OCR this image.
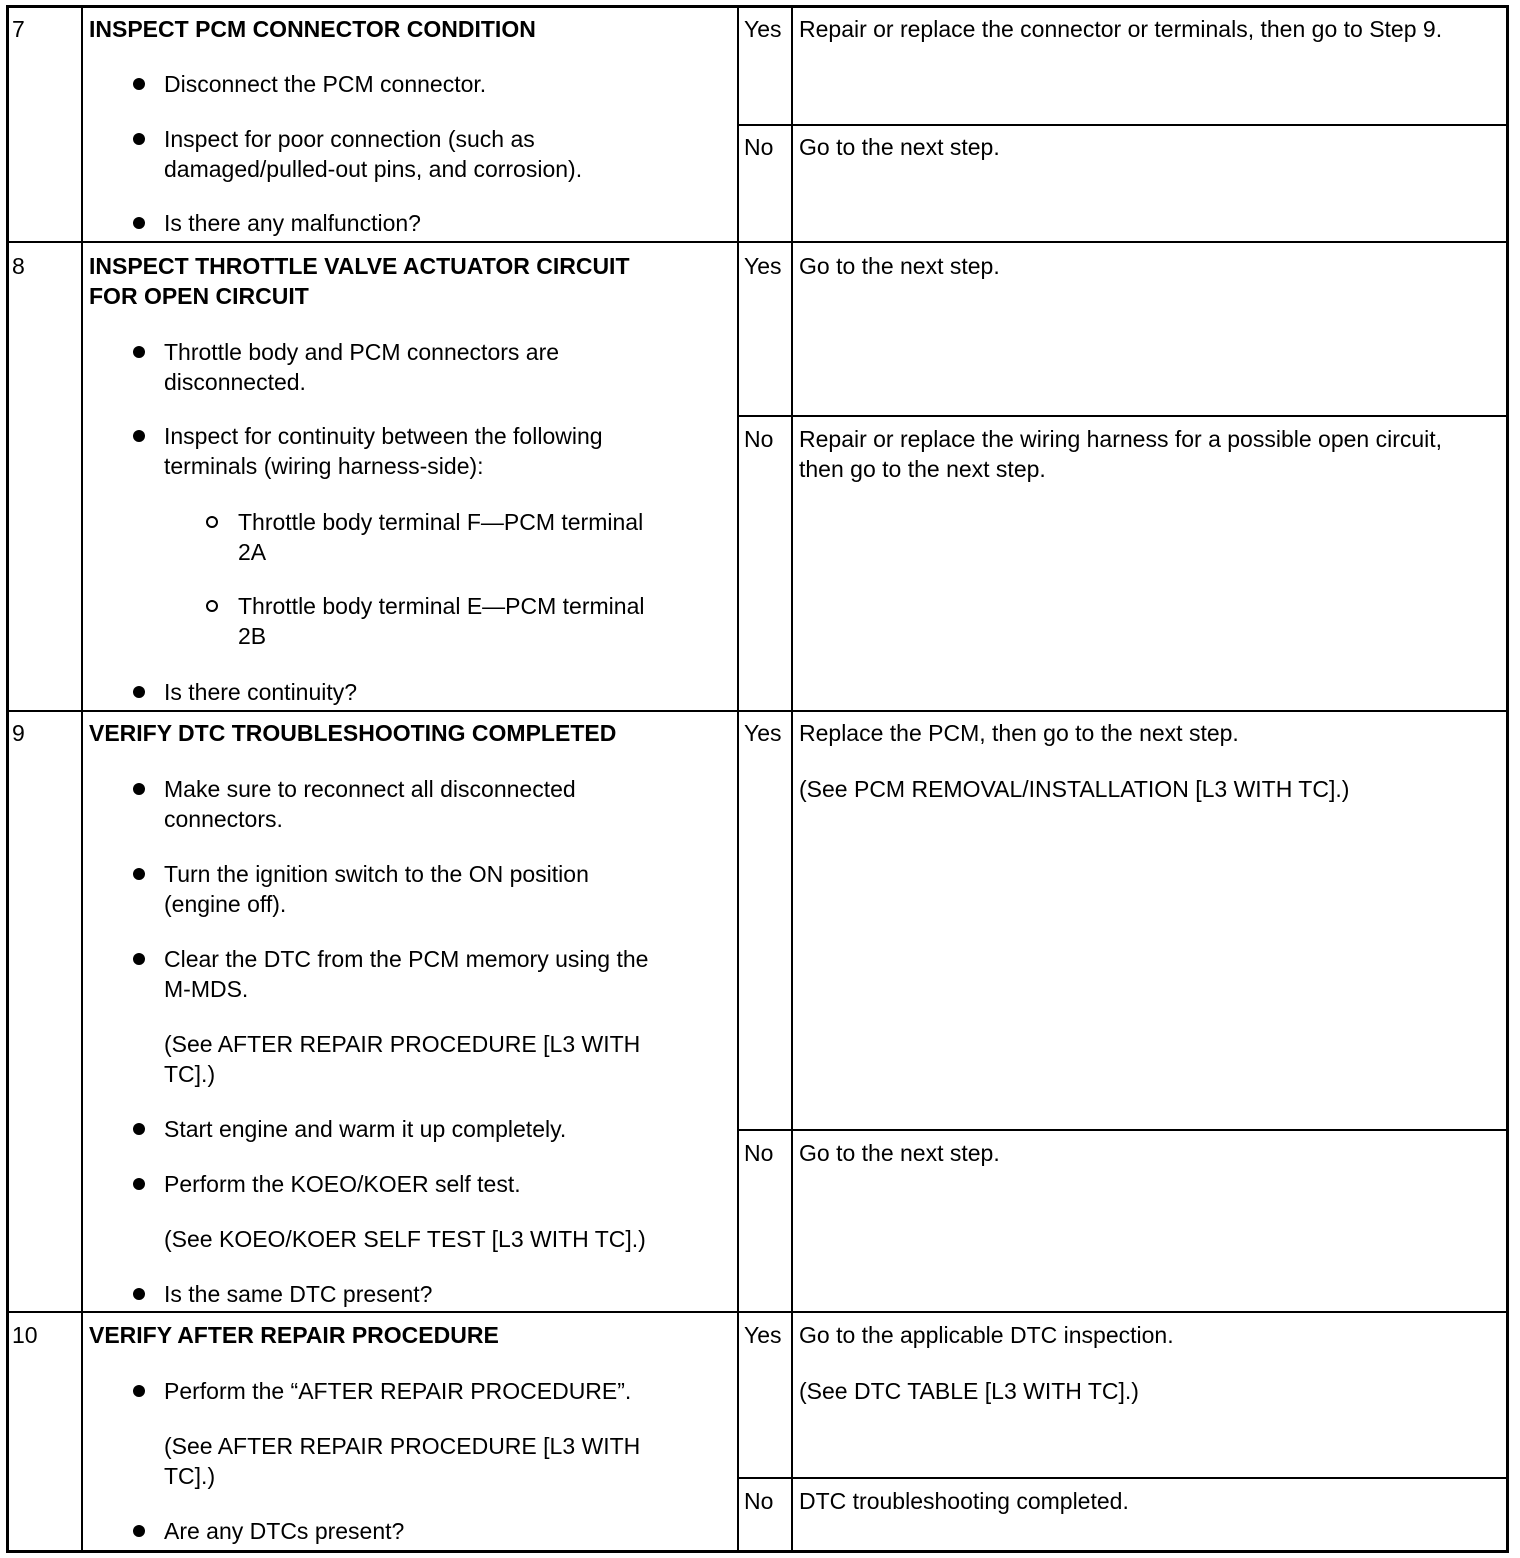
7	INSPECT PCM CONNECTOR CONDITION
Disconnect the PCM connector.
Inspect for poor connection (such as
damaged/pulled-out pins, and corrosion).
Is there any malfunction?
Yes Repair or replace the connector or terminals, then go to Step 9.
No Go to the next step.
8	INSPECT THROTTLE VALVE ACTUATOR CIRCUIT
FOR OPEN CIRCUIT
Throttle body and PCM connectors are
disconnected.
Inspect for continuity between the following
terminals (wiring harness-side):
Throttle body terminal F—PCM terminal
2A
Throttle body terminal E—PCM terminal
2B
Is there continuity?
Yes Go to the next step.
No Repair or replace the wiring harness for a possible open circuit,
then go to the next step.
9	VERIFY DTC TROUBLESHOOTING COMPLETED
Make sure to reconnect all disconnected
connectors.
Turn the ignition switch to the ON position
(engine off).
Clear the DTC from the PCM memory using the
M-MDS.
(See AFTER REPAIR PROCEDURE [L3 WITH
TC].)
Start engine and warm it up completely.
Perform the KOEO/KOER self test.
(See KOEO/KOER SELF TEST [L3 WITH TC].)
Is the same DTC present?
Yes Replace the PCM, then go to the next step.
(See PCM REMOVAL/INSTALLATION [L3 WITH TC].)
No Go to the next step.
10 VERIFY AFTER REPAIR PROCEDURE
Perform the “AFTER REPAIR PROCEDURE”.
(See AFTER REPAIR PROCEDURE [L3 WITH
TC].)
Are any DTCs present?
Yes Go to the applicable DTC inspection.
(See DTC TABLE [L3 WITH TC].)
No DTC troubleshooting completed.
